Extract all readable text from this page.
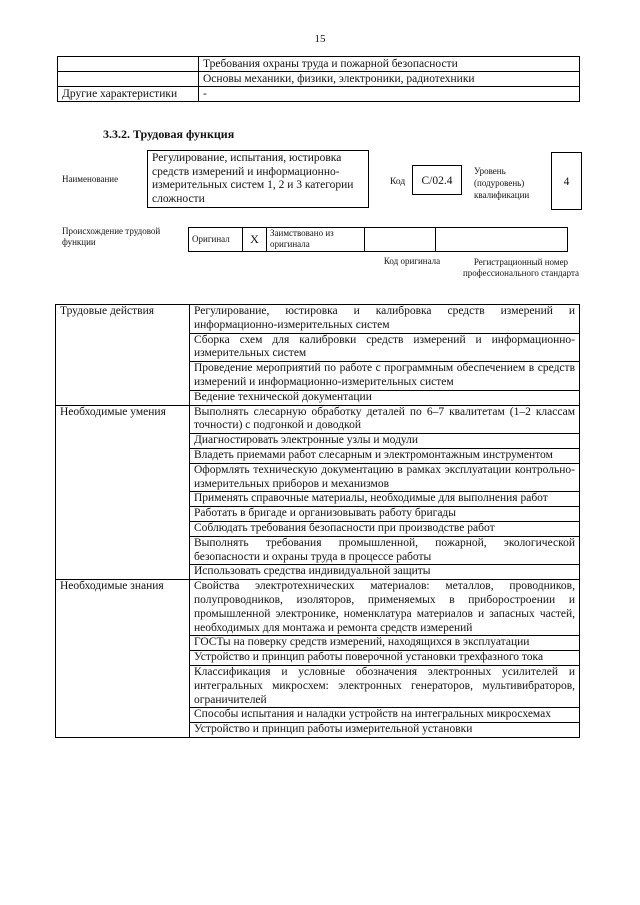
15
	Требования охраны труда и пожарной безопасности
	Основы механики, физики, электроники, радиотехники
Другие характеристики	-
3.3.2. Трудовая функция
Наименование
Регулирование, испытания, юстировка средств измерений и информационно-измерительных систем 1, 2 и 3 категории сложности
Код	С/02.4
Уровень (подуровень) квалификации
4
Происхождение трудовой функции	Оригинал	X	Заимствовано из оригинала		
Код оригинала	Регистрационный номер профессионального стандарта
Трудовые действия	Регулирование, юстировка и калибровка средств измерений и информационно-измерительных систем
	Сборка схем для калибровки средств измерений и информационно-измерительных систем
	Проведение мероприятий по работе с программным обеспечением в средств измерений и информационно-измерительных систем
	Ведение технической документации
Необходимые умения	Выполнять слесарную обработку деталей по 6–7 квалитетам (1–2 классам точности) с подгонкой и доводкой
	Диагностировать электронные узлы и модули
	Владеть приемами работ слесарным и электромонтажным инструментом
	Оформлять техническую документацию в рамках эксплуатации контрольно-измерительных приборов и механизмов
	Применять справочные материалы, необходимые для выполнения работ
	Работать в бригаде и организовывать работу бригады
	Соблюдать требования безопасности при производстве работ
	Выполнять требования промышленной, пожарной, экологической безопасности и охраны труда в процессе работы
	Использовать средства индивидуальной защиты
Необходимые знания	Свойства электротехнических материалов: металлов, проводников, полупроводников, изоляторов, применяемых в приборостроении и промышленной электронике, номенклатура материалов и запасных частей, необходимых для монтажа и ремонта средств измерений
	ГОСТы на поверку средств измерений, находящихся в эксплуатации
	Устройство и принцип работы поверочной установки трехфазного тока
	Классификация и условные обозначения электронных усилителей и интегральных микросхем: электронных генераторов, мультивибраторов, ограничителей
	Способы испытания и наладки устройств на интегральных микросхемах
	Устройство и принцип работы измерительной установки
